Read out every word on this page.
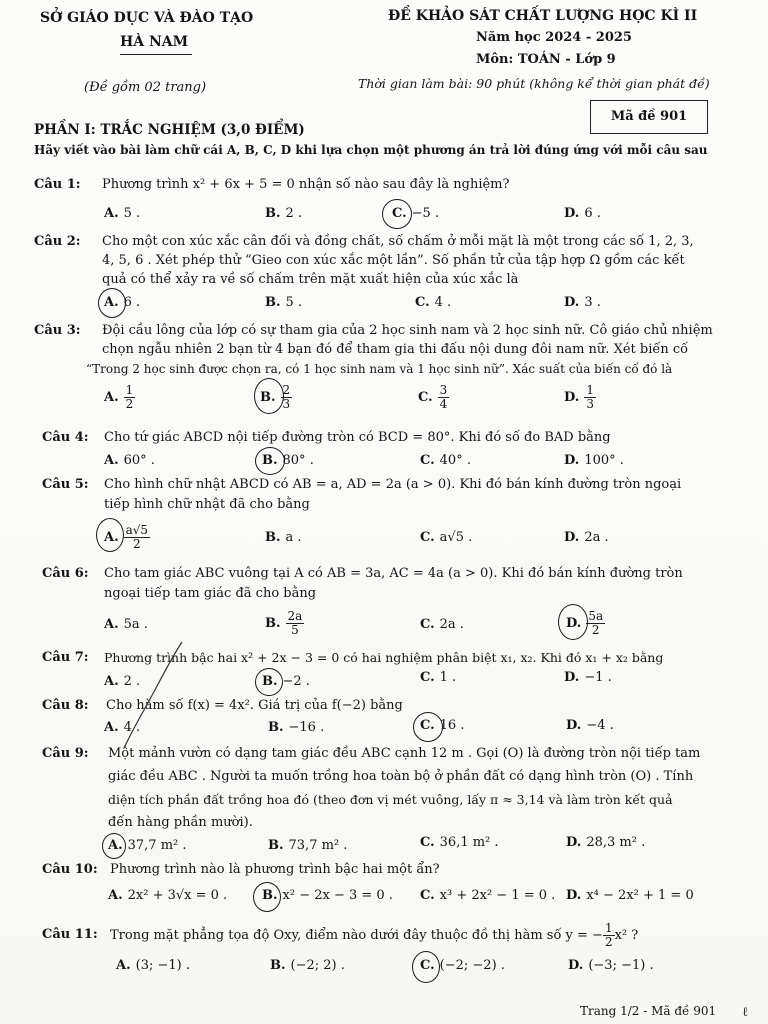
SỞ GIÁO DỤC VÀ ĐÀO TẠO
HÀ NAM
(Đề gồm 02 trang)
ĐỀ KHẢO SÁT CHẤT LƯỢNG HỌC KÌ II
Năm học 2024 - 2025
Môn: TOÁN - Lớp 9
Thời gian làm bài: 90 phút (không kể thời gian phát đề)
Mã đề 901
PHẦN I: TRẮC NGHIỆM (3,0 ĐIỂM)
Hãy viết vào bài làm chữ cái A, B, C, D khi lựa chọn một phương án trả lời đúng ứng với mỗi câu sau
Câu 1: Phương trình x² + 6x + 5 = 0 nhận số nào sau đây là nghiệm?
A. 5 .	B. 2 .	C. −5 .	D. 6 .
Câu 2: Cho một con xúc xắc cân đối và đồng chất, số chấm ở mỗi mặt là một trong các số 1, 2, 3,
4, 5, 6 . Xét phép thử “Gieo con xúc xắc một lần”. Số phần tử của tập hợp Ω gồm các kết
quả có thể xảy ra về số chấm trên mặt xuất hiện của xúc xắc là
A. 6 .	B. 5 .	C. 4 .	D. 3 .
Câu 3: Đội cầu lông của lớp có sự tham gia của 2 học sinh nam và 2 học sinh nữ. Cô giáo chủ nhiệm
chọn ngẫu nhiên 2 bạn từ 4 bạn đó để tham gia thi đấu nội dung đôi nam nữ. Xét biến cố
“Trong 2 học sinh được chọn ra, có 1 học sinh nam và 1 học sinh nữ”. Xác suất của biến cố đó là
A. $\frac{1}{2}$	B. $\frac{2}{3}$	C. $\frac{3}{4}$	D. $\frac{1}{3}$
Câu 4: Cho tứ giác ABCD nội tiếp đường tròn có BCD = 80°. Khi đó số đo BAD bằng
A. 60° .	B. 80° .	C. 40° .	D. 100° .
Câu 5: Cho hình chữ nhật ABCD có AB = a, AD = 2a (a > 0). Khi đó bán kính đường tròn ngoại
tiếp hình chữ nhật đã cho bằng
A. $\frac{a√5}{2}$	B. a .	C. a√5 .	D. 2a .
Câu 6: Cho tam giác ABC vuông tại A có AB = 3a, AC = 4a (a > 0). Khi đó bán kính đường tròn
ngoại tiếp tam giác đã cho bằng
A. 5a .	B. $\frac{2a}{5}$	C. 2a .	D. $\frac{5a}{2}$
Câu 7: Phương trình bậc hai x² + 2x − 3 = 0 có hai nghiệm phân biệt x₁, x₂. Khi đó x₁ + x₂ bằng
A. 2 .	B. −2 .	C. 1 .	D. −1 .
Câu 8: Cho hàm số f(x) = 4x². Giá trị của f(−2) bằng
A. 4 .	B. −16 .	C. 16 .	D. −4 .
Câu 9: Một mảnh vườn có dạng tam giác đều ABC cạnh 12 m . Gọi (O) là đường tròn nội tiếp tam
giác đều ABC . Người ta muốn trồng hoa toàn bộ ở phần đất có dạng hình tròn (O) . Tính
diện tích phần đất trồng hoa đó (theo đơn vị mét vuông, lấy π ≈ 3,14 và làm tròn kết quả
đến hàng phần mười).
A. 37,7 m² .	B. 73,7 m² .	C. 36,1 m² .	D. 28,3 m² .
Câu 10: Phương trình nào là phương trình bậc hai một ẩn?
A. 2x² + 3√x = 0 .	B. x² − 2x − 3 = 0 . C. x³ + 2x² − 1 = 0 . D. x⁴ − 2x² + 1 = 0
Câu 11: Trong mặt phẳng tọa độ Oxy, điểm nào dưới đây thuộc đồ thị hàm số y = − $\frac{1}{2} x^2$ ?
A. (3; −1) .	B. (−2; 2) .	C. (−2; −2) .	D. (−3; −1) .
Trang 1/2 - Mã đề 901 ℓ
